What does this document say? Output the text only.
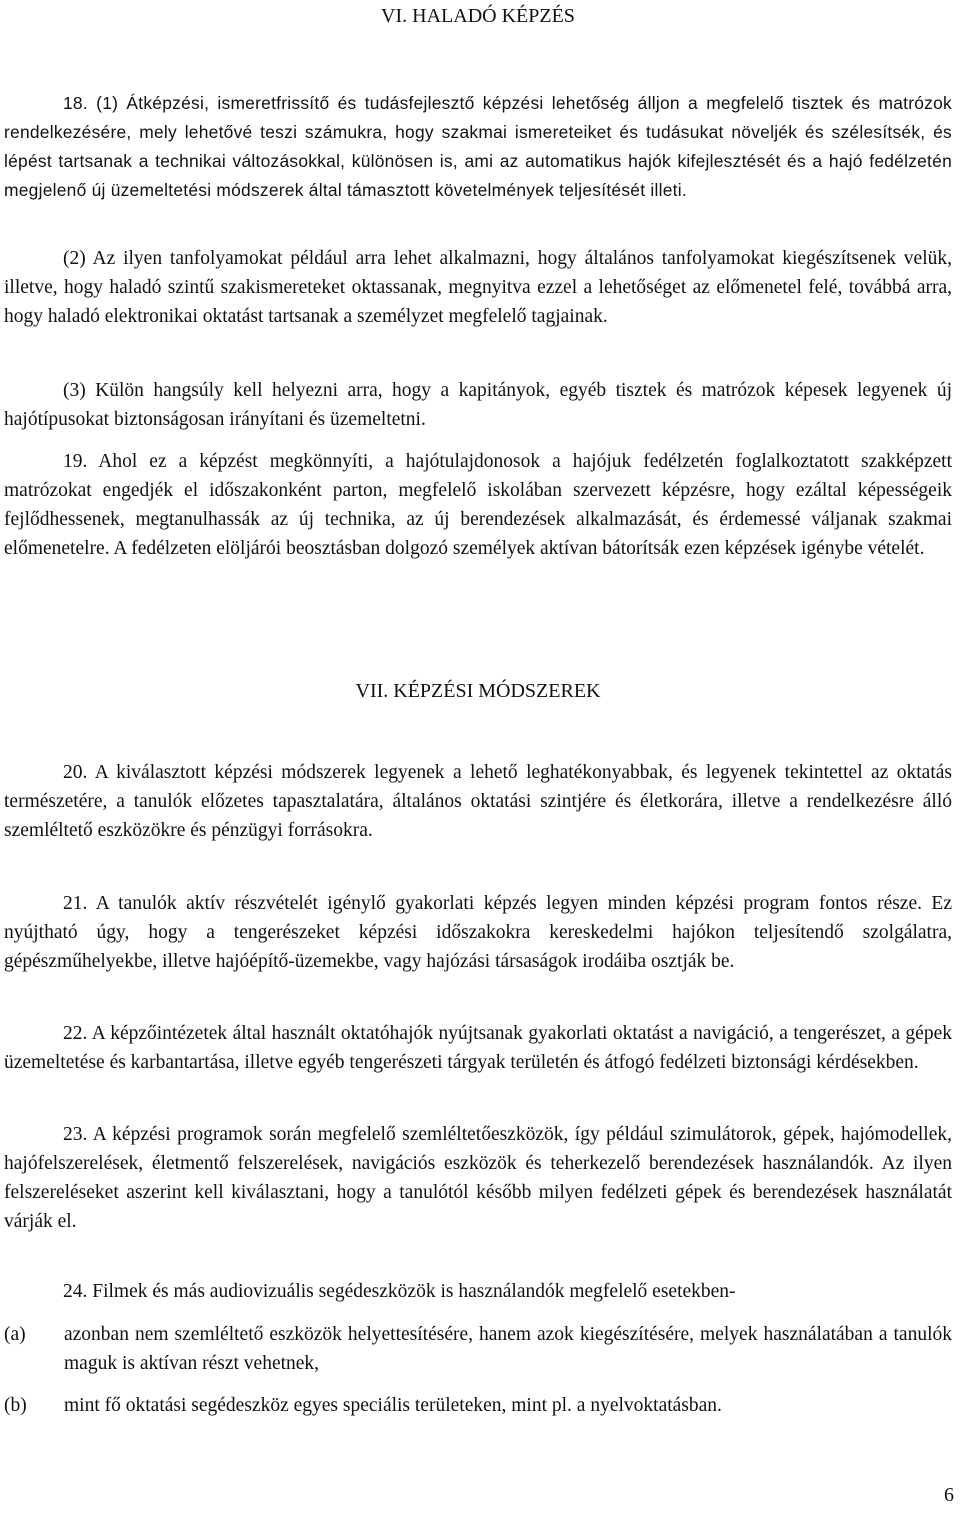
VI. HALADÓ KÉPZÉS

18. (1) Átképzési, ismeretfrissítő és tudásfejlesztő képzési lehetőség álljon a megfelelő tisztek és matrózok rendelkezésére, mely lehetővé teszi számukra, hogy szakmai ismereteiket és tudásukat növeljék és szélesítsék, és lépést tartsanak a technikai változásokkal, különösen is, ami az automatikus hajók kifejlesztését és a hajó fedélzetén megjelenő új üzemeltetési módszerek által támasztott követelmények teljesítését illeti.

(2) Az ilyen tanfolyamokat például arra lehet alkalmazni, hogy általános tanfolyamokat kiegészítsenek velük, illetve, hogy haladó szintű szakismereteket oktassanak, megnyitva ezzel a lehetőséget az előmenetel felé, továbbá arra, hogy haladó elektronikai oktatást tartsanak a személyzet megfelelő tagjainak.

(3) Külön hangsúly kell helyezni arra, hogy a kapitányok, egyéb tisztek és matrózok képesek legyenek új hajótípusokat biztonságosan irányítani és üzemeltetni.

19. Ahol ez a képzést megkönnyíti, a hajótulajdonosok a hajójuk fedélzetén foglalkoztatott szakképzett matrózokat engedjék el időszakonként parton, megfelelő iskolában szervezett képzésre, hogy ezáltal képességeik fejlődhessenek, megtanulhassák az új technika, az új berendezések alkalmazását, és érdemessé váljanak szakmai előmenetelre. A fedélzeten elöljárói beosztásban dolgozó személyek aktívan bátorítsák ezen képzések igénybe vételét.

VII. KÉPZÉSI MÓDSZEREK

20. A kiválasztott képzési módszerek legyenek a lehető leghatékonyabbak, és legyenek tekintettel az oktatás természetére, a tanulók előzetes tapasztalatára, általános oktatási szintjére és életkorára, illetve a rendelkezésre álló szemléltető eszközökre és pénzügyi forrásokra.

21. A tanulók aktív részvételét igénylő gyakorlati képzés legyen minden képzési program fontos része. Ez nyújtható úgy, hogy a tengerészeket képzési időszakokra kereskedelmi hajókon teljesítendő szolgálatra, gépészműhelyekbe, illetve hajóépítő-üzemekbe, vagy hajózási társaságok irodáiba osztják be.

22. A képzőintézetek által használt oktatóhajók nyújtsanak gyakorlati oktatást a navigáció, a tengerészet, a gépek üzemeltetése és karbantartása, illetve egyéb tengerészeti tárgyak területén és átfogó fedélzeti biztonsági kérdésekben.

23. A képzési programok során megfelelő szemléltetőeszközök, így például szimulátorok, gépek, hajómodellek, hajófelszerelések, életmentő felszerelések, navigációs eszközök és teherkezelő berendezések használandók. Az ilyen felszereléseket aszerint kell kiválasztani, hogy a tanulótól később milyen fedélzeti gépek és berendezések használatát várják el.

24. Filmek és más audiovizuális segédeszközök is használandók megfelelő esetekben-

(a) azonban nem szemléltető eszközök helyettesítésére, hanem azok kiegészítésére, melyek használatában a tanulók maguk is aktívan részt vehetnek,
(b) mint fő oktatási segédeszköz egyes speciális területeken, mint pl. a nyelvoktatásban.
6
